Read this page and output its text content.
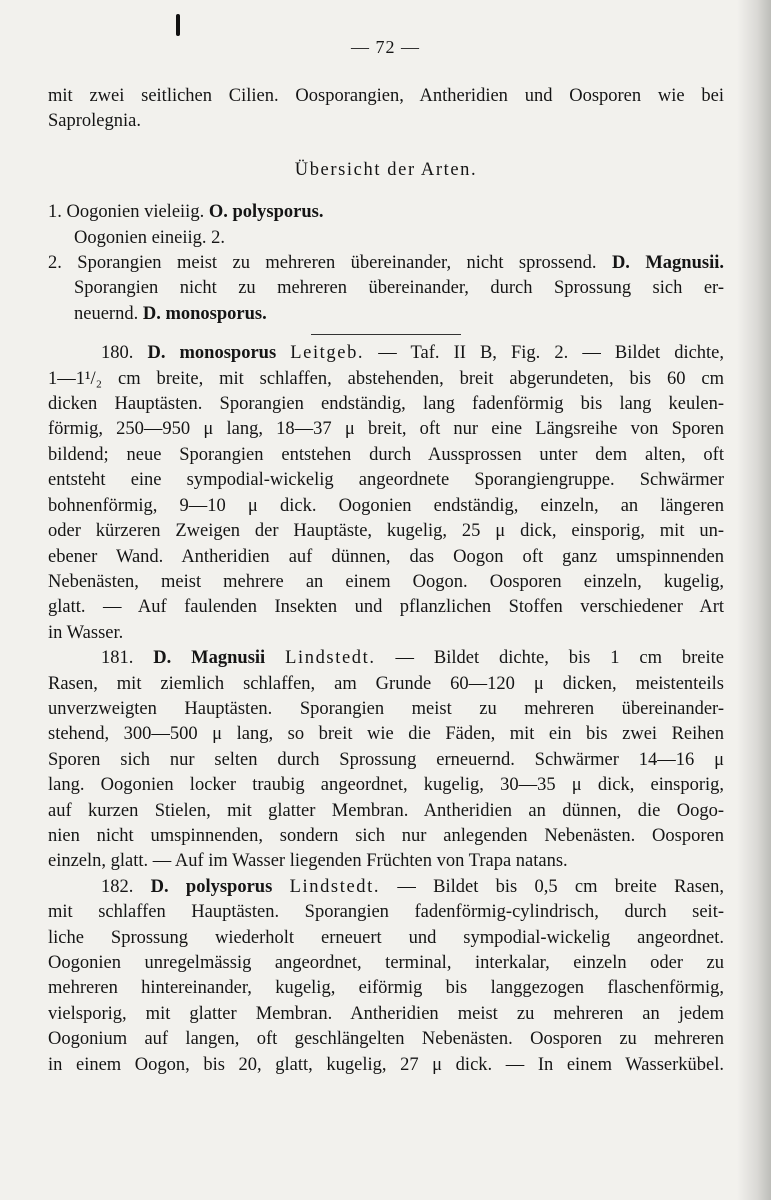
— 72 —
mit zwei seitlichen Cilien. Oosporangien, Antheridien und Oosporen wie bei
Saprolegnia.
Übersicht der Arten.
1. Oogonien vieleiig. O. polysporus.
Oogonien eineiig. 2.
2. Sporangien meist zu mehreren übereinander, nicht sprossend. D. Magnusii.
Sporangien nicht zu mehreren übereinander, durch Sprossung sich er-
neuernd. D. monosporus.
180. D. monosporus Leitgeb. — Taf. II B, Fig. 2. — Bildet dichte,
1—1¹/₂ cm breite, mit schlaffen, abstehenden, breit abgerundeten, bis 60 cm
dicken Hauptästen. Sporangien endständig, lang fadenförmig bis lang keulen-
förmig, 250—950 μ lang, 18—37 μ breit, oft nur eine Längsreihe von Sporen
bildend; neue Sporangien entstehen durch Aussprossen unter dem alten, oft
entsteht eine sympodial-wickelig angeordnete Sporangiengruppe. Schwärmer
bohnenförmig, 9—10 μ dick. Oogonien endständig, einzeln, an längeren
oder kürzeren Zweigen der Hauptäste, kugelig, 25 μ dick, einsporig, mit un-
ebener Wand. Antheridien auf dünnen, das Oogon oft ganz umspinnenden
Nebenästen, meist mehrere an einem Oogon. Oosporen einzeln, kugelig,
glatt. — Auf faulenden Insekten und pflanzlichen Stoffen verschiedener Art
in Wasser.
181. D. Magnusii Lindstedt. — Bildet dichte, bis 1 cm breite
Rasen, mit ziemlich schlaffen, am Grunde 60—120 μ dicken, meistenteils
unverzweigten Hauptästen. Sporangien meist zu mehreren übereinander-
stehend, 300—500 μ lang, so breit wie die Fäden, mit ein bis zwei Reihen
Sporen sich nur selten durch Sprossung erneuernd. Schwärmer 14—16 μ
lang. Oogonien locker traubig angeordnet, kugelig, 30—35 μ dick, einsporig,
auf kurzen Stielen, mit glatter Membran. Antheridien an dünnen, die Oogo-
nien nicht umspinnenden, sondern sich nur anlegenden Nebenästen. Oosporen
einzeln, glatt. — Auf im Wasser liegenden Früchten von Trapa natans.
182. D. polysporus Lindstedt. — Bildet bis 0,5 cm breite Rasen,
mit schlaffen Hauptästen. Sporangien fadenförmig-cylindrisch, durch seit-
liche Sprossung wiederholt erneuert und sympodial-wickelig angeordnet.
Oogonien unregelmässig angeordnet, terminal, interkalar, einzeln oder zu
mehreren hintereinander, kugelig, eiförmig bis langgezogen flaschenförmig,
vielsporig, mit glatter Membran. Antheridien meist zu mehreren an jedem
Oogonium auf langen, oft geschlängelten Nebenästen. Oosporen zu mehreren
in einem Oogon, bis 20, glatt, kugelig, 27 μ dick. — In einem Wasserkübel.
